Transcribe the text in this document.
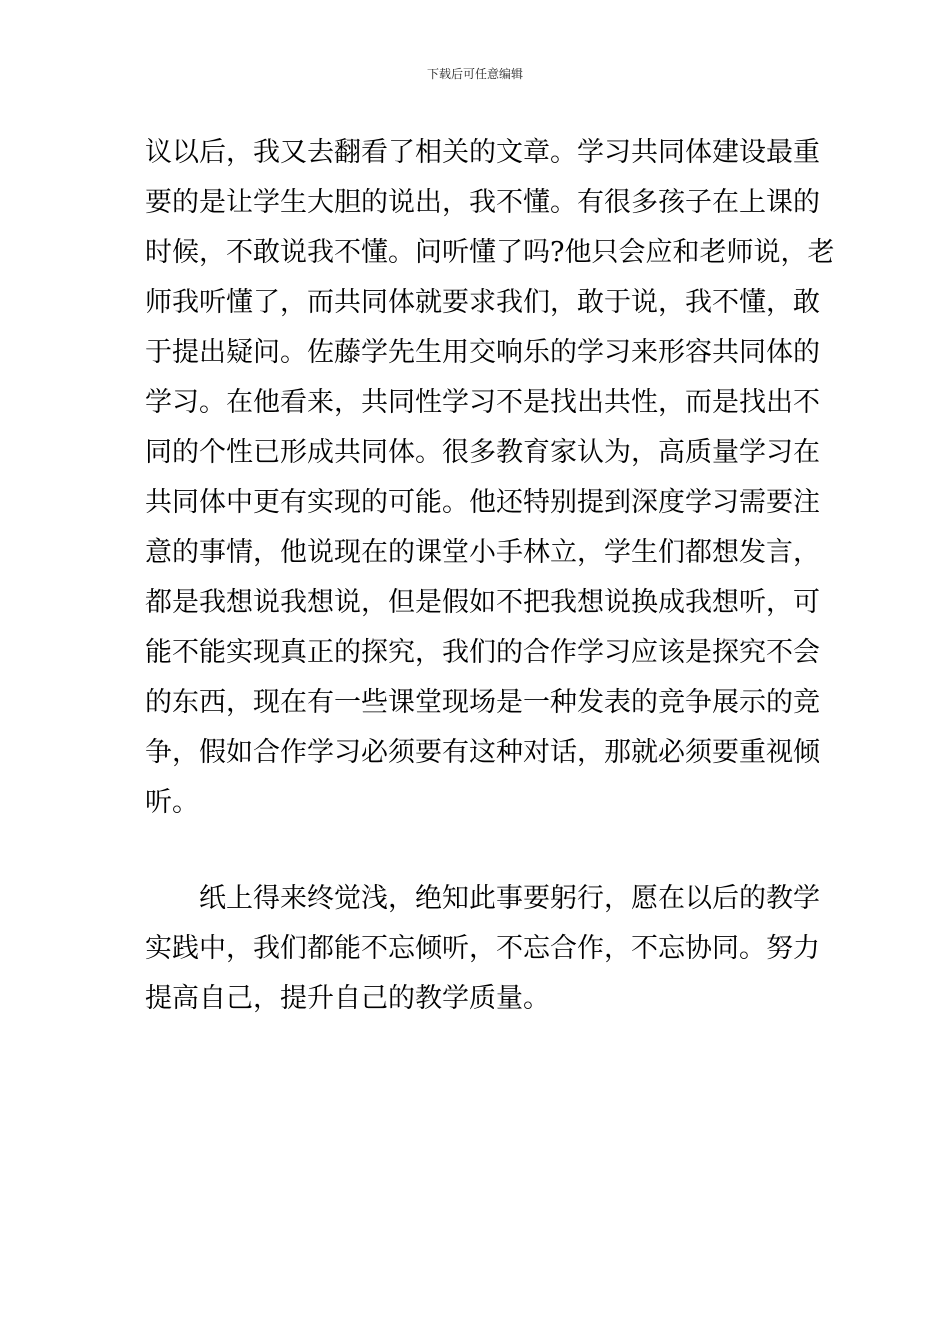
下载后可任意编辑
议以后，我又去翻看了相关的文章。学习共同体建设最重
要的是让学生大胆的说出，我不懂。有很多孩子在上课的
时候，不敢说我不懂。问听懂了吗?他只会应和老师说，老
师我听懂了，而共同体就要求我们，敢于说，我不懂，敢
于提出疑问。佐藤学先生用交响乐的学习来形容共同体的
学习。在他看来，共同性学习不是找出共性，而是找出不
同的个性已形成共同体。很多教育家认为，高质量学习在
共同体中更有实现的可能。他还特别提到深度学习需要注
意的事情，他说现在的课堂小手林立，学生们都想发言，
都是我想说我想说，但是假如不把我想说换成我想听，可
能不能实现真正的探究，我们的合作学习应该是探究不会
的东西，现在有一些课堂现场是一种发表的竞争展示的竞
争，假如合作学习必须要有这种对话，那就必须要重视倾
听。
纸上得来终觉浅，绝知此事要躬行，愿在以后的教学
实践中，我们都能不忘倾听，不忘合作，不忘协同。努力
提高自己，提升自己的教学质量。
